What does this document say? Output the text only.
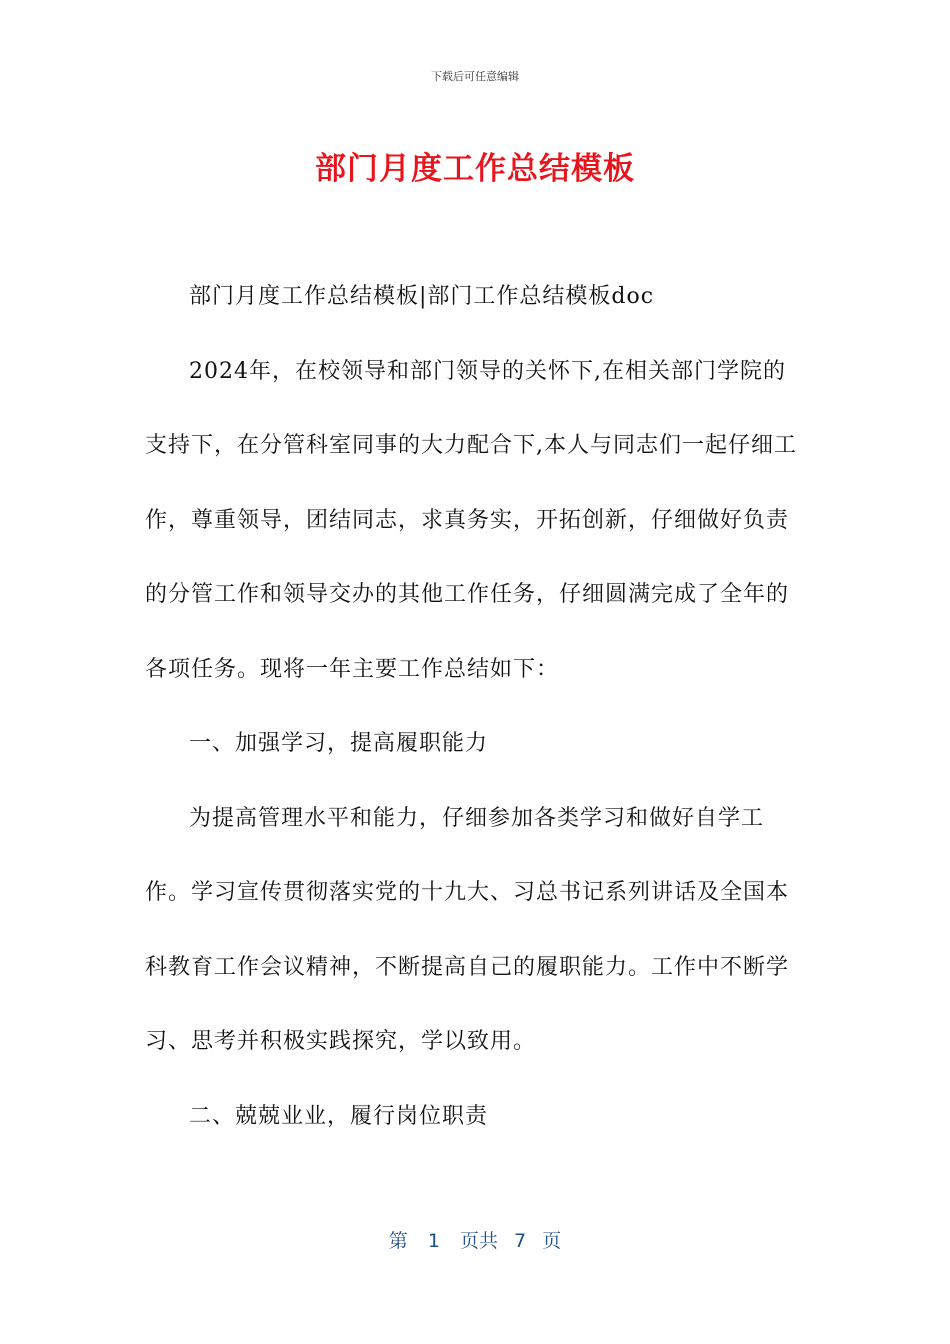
下载后可任意编辑
部门月度工作总结模板

部门月度工作总结模板|部门工作总结模板doc

2024年，在校领导和部门领导的关怀下,在相关部门学院的支持下，在分管科室同事的大力配合下,本人与同志们一起仔细工作，尊重领导，团结同志，求真务实，开拓创新，仔细做好负责的分管工作和领导交办的其他工作任务，仔细圆满完成了全年的各项任务。现将一年主要工作总结如下：

一、加强学习，提高履职能力

为提高管理水平和能力，仔细参加各类学习和做好自学工作。学习宣传贯彻落实党的十九大、习总书记系列讲话及全国本科教育工作会议精神，不断提高自己的履职能力。工作中不断学习、思考并积极实践探究，学以致用。

二、兢兢业业，履行岗位职责

第 1 页共 7 页
